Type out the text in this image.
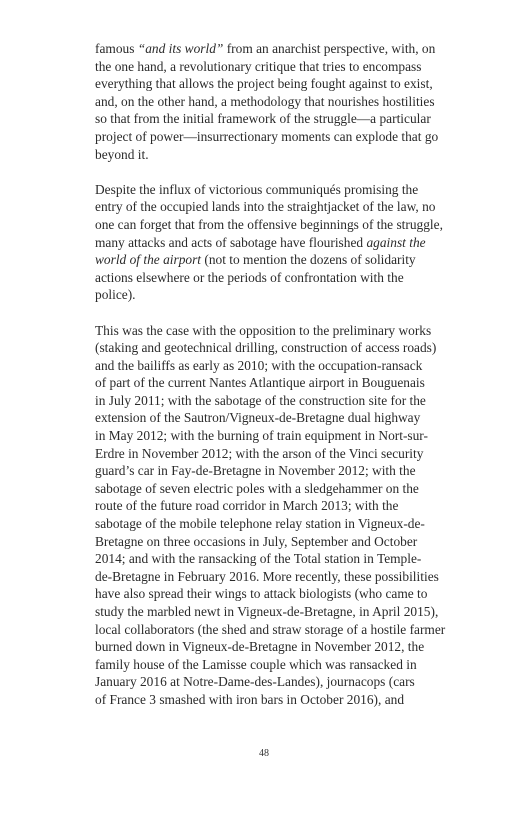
famous “and its world” from an anarchist perspective, with, on
the one hand, a revolutionary critique that tries to encompass
everything that allows the project being fought against to exist,
and, on the other hand, a methodology that nourishes hostilities
so that from the initial framework of the struggle—a particular
project of power—insurrectionary moments can explode that go
beyond it.

Despite the influx of victorious communiqués promising the
entry of the occupied lands into the straightjacket of the law, no
one can forget that from the offensive beginnings of the struggle,
many attacks and acts of sabotage have flourished against the
world of the airport (not to mention the dozens of solidarity
actions elsewhere or the periods of confrontation with the
police).

This was the case with the opposition to the preliminary works
(staking and geotechnical drilling, construction of access roads)
and the bailiffs as early as 2010; with the occupation-ransack
of part of the current Nantes Atlantique airport in Bouguenais
in July 2011; with the sabotage of the construction site for the
extension of the Sautron/Vigneux-de-Bretagne dual highway
in May 2012; with the burning of train equipment in Nort-sur-
Erdre in November 2012; with the arson of the Vinci security
guard’s car in Fay-de-Bretagne in November 2012; with the
sabotage of seven electric poles with a sledgehammer on the
route of the future road corridor in March 2013; with the
sabotage of the mobile telephone relay station in Vigneux-de-
Bretagne on three occasions in July, September and October
2014; and with the ransacking of the Total station in Temple-
de-Bretagne in February 2016. More recently, these possibilities
have also spread their wings to attack biologists (who came to
study the marbled newt in Vigneux-de-Bretagne, in April 2015),
local collaborators (the shed and straw storage of a hostile farmer
burned down in Vigneux-de-Bretagne in November 2012, the
family house of the Lamisse couple which was ransacked in
January 2016 at Notre-Dame-des-Landes), journacops (cars
of France 3 smashed with iron bars in October 2016), and

48
